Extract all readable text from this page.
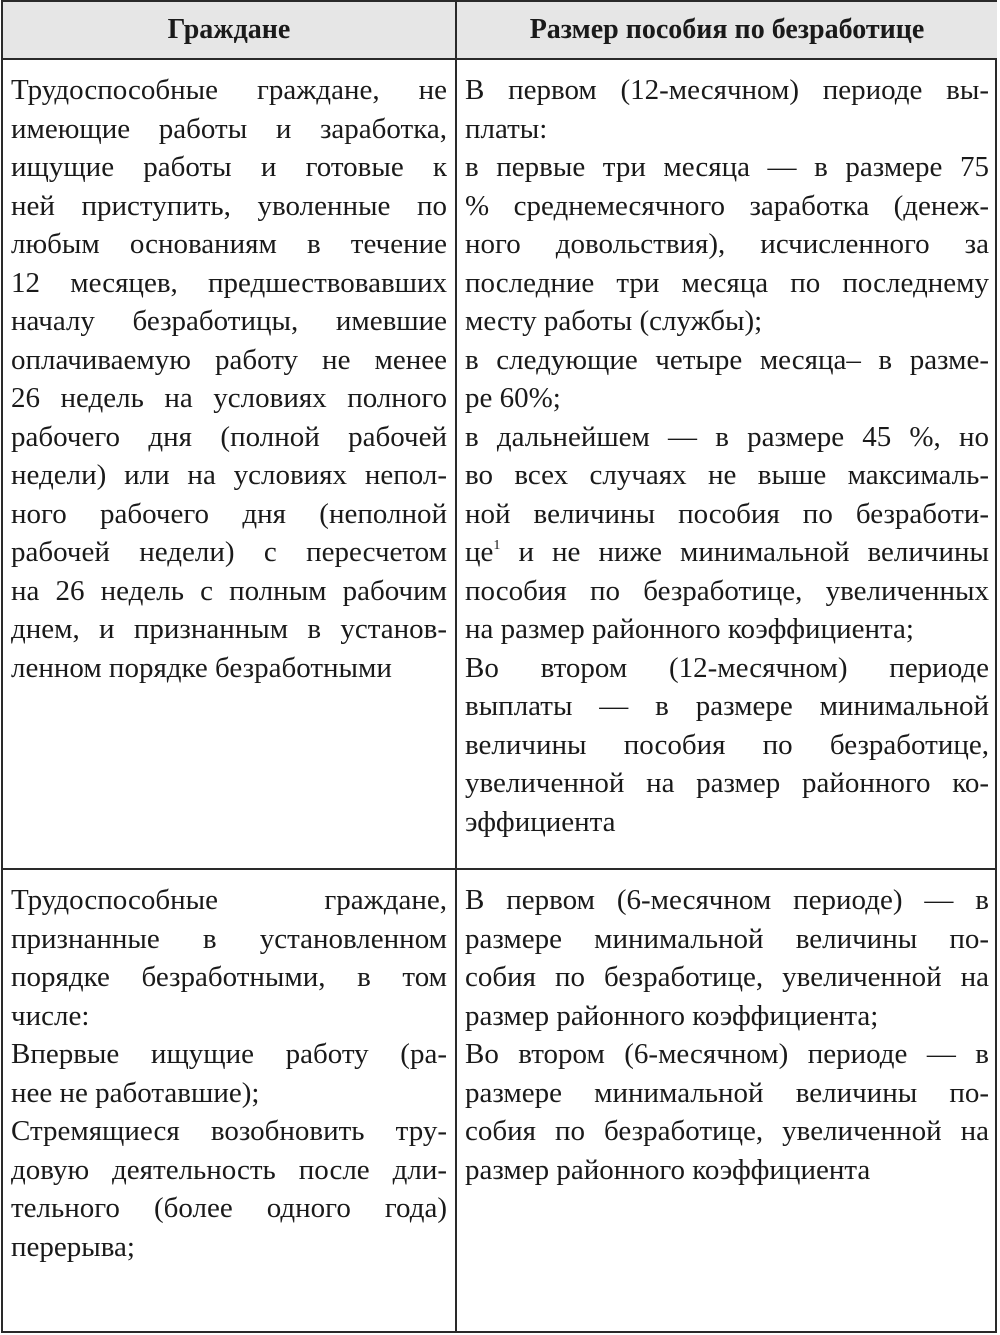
Граждане	Размер пособия по безработице
Трудоспособные граждане, не
имеющие работы и заработка,
ищущие работы и готовые к
ней приступить, уволенные по
любым основаниям в течение
12 месяцев, предшествовавших
началу безработицы, имевшие
оплачиваемую работу не менее
26 недель на условиях полного
рабочего дня (полной рабочей
недели) или на условиях непол-
ного рабочего дня (неполной
рабочей недели) с пересчетом
на 26 недель с полным рабочим
днем, и признанным в установ-
ленном порядке безработными
В первом (12-месячном) периоде вы-
платы:
в первые три месяца — в размере 75
% среднемесячного заработка (денеж-
ного довольствия), исчисленного за
последние три месяца по последнему
месту работы (службы);
в следующие четыре месяца– в разме-
ре 60%;
в дальнейшем — в размере 45 %, но
во всех случаях не выше максималь-
ной величины пособия по безработи-
$це^1$ и не ниже минимальной величины
пособия по безработице, увеличенных
на размер районного коэффициента;
Во втором (12-месячном) периоде
выплаты — в размере минимальной
величины пособия по безработице,
увеличенной на размер районного ко-
эффициента
Трудоспособные граждане,
признанные в установленном
порядке безработными, в том
числе:
Впервые ищущие работу (ра-
нее не работавшие);
Стремящиеся возобновить тру-
довую деятельность после дли-
тельного (более одного года)
перерыва;
В первом (6-месячном периоде) — в
размере минимальной величины по-
собия по безработице, увеличенной на
размер районного коэффициента;
Во втором (6-месячном) периоде — в
размере минимальной величины по-
собия по безработице, увеличенной на
размер районного коэффициента
